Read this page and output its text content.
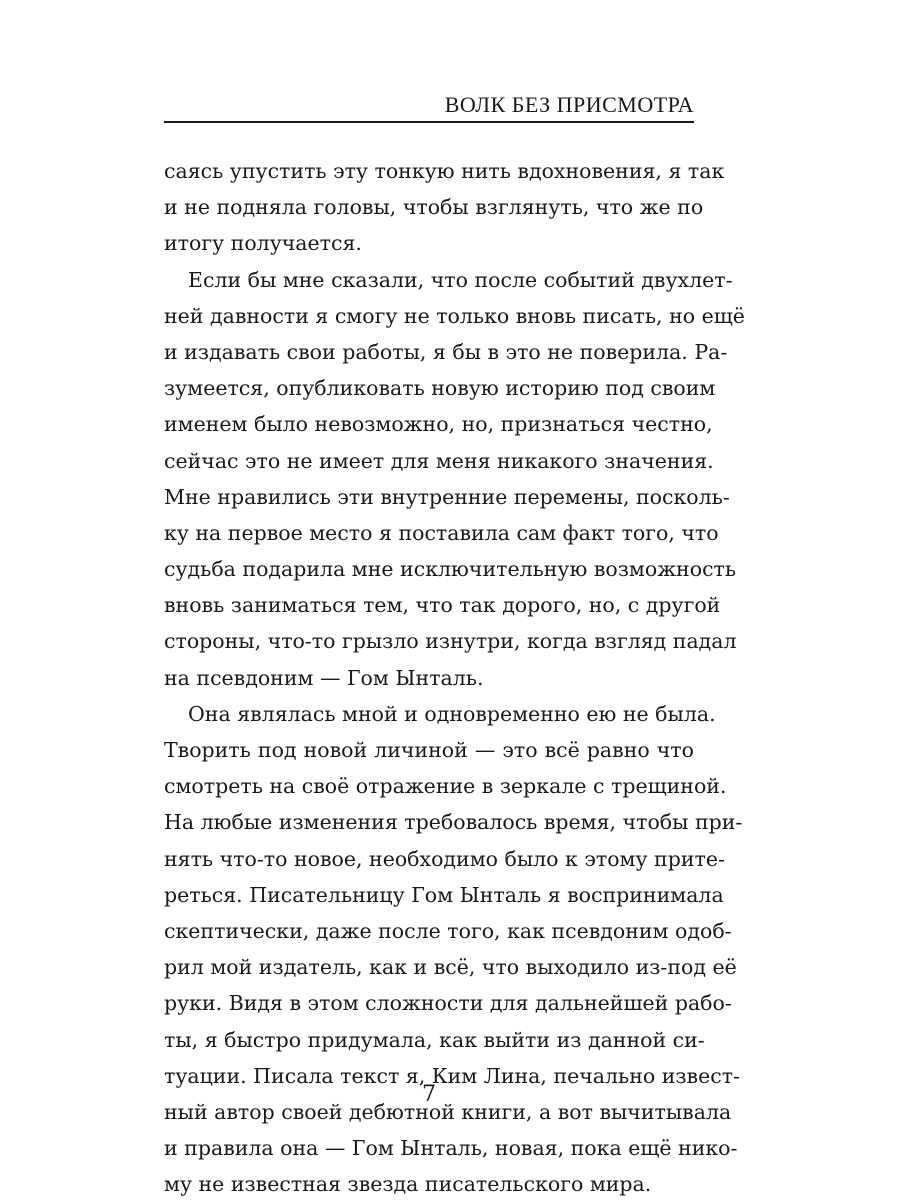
ВОЛК БЕЗ ПРИСМОТРА
саясь упустить эту тонкую нить вдохновения, я так
и не подняла головы, чтобы взглянуть, что же по
итогу получается.
Если бы мне сказали, что после событий двухлет-
ней давности я смогу не только вновь писать, но ещё
и издавать свои работы, я бы в это не поверила. Ра-
зумеется, опубликовать новую историю под своим
именем было невозможно, но, признаться честно,
сейчас это не имеет для меня никакого значения.
Мне нравились эти внутренние перемены, посколь-
ку на первое место я поставила сам факт того, что
судьба подарила мне исключительную возможность
вновь заниматься тем, что так дорого, но, с другой
стороны, что-то грызло изнутри, когда взгляд падал
на псевдоним — Гом Ынталь.
Она являлась мной и одновременно ею не была.
Творить под новой личиной — это всё равно что
смотреть на своё отражение в зеркале с трещиной.
На любые изменения требовалось время, чтобы при-
нять что-то новое, необходимо было к этому прите-
реться. Писательницу Гом Ынталь я воспринимала
скептически, даже после того, как псевдоним одоб-
рил мой издатель, как и всё, что выходило из-под её
руки. Видя в этом сложности для дальнейшей рабо-
ты, я быстро придумала, как выйти из данной си-
туации. Писала текст я, Ким Лина, печально извест-
ный автор своей дебютной книги, а вот вычитывала
и правила она — Гом Ынталь, новая, пока ещё нико-
му не известная звезда писательского мира.
7
